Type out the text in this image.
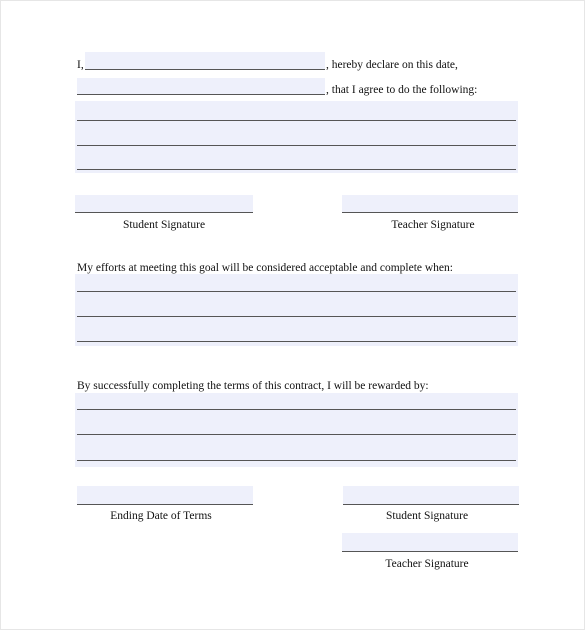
I,	, hereby declare on this date,
, that I agree to do the following:
Student Signature	Teacher Signature
My efforts at meeting this goal will be considered acceptable and complete when:
By successfully completing the terms of this contract, I will be rewarded by:
Ending Date of Terms	Student Signature
Teacher Signature
